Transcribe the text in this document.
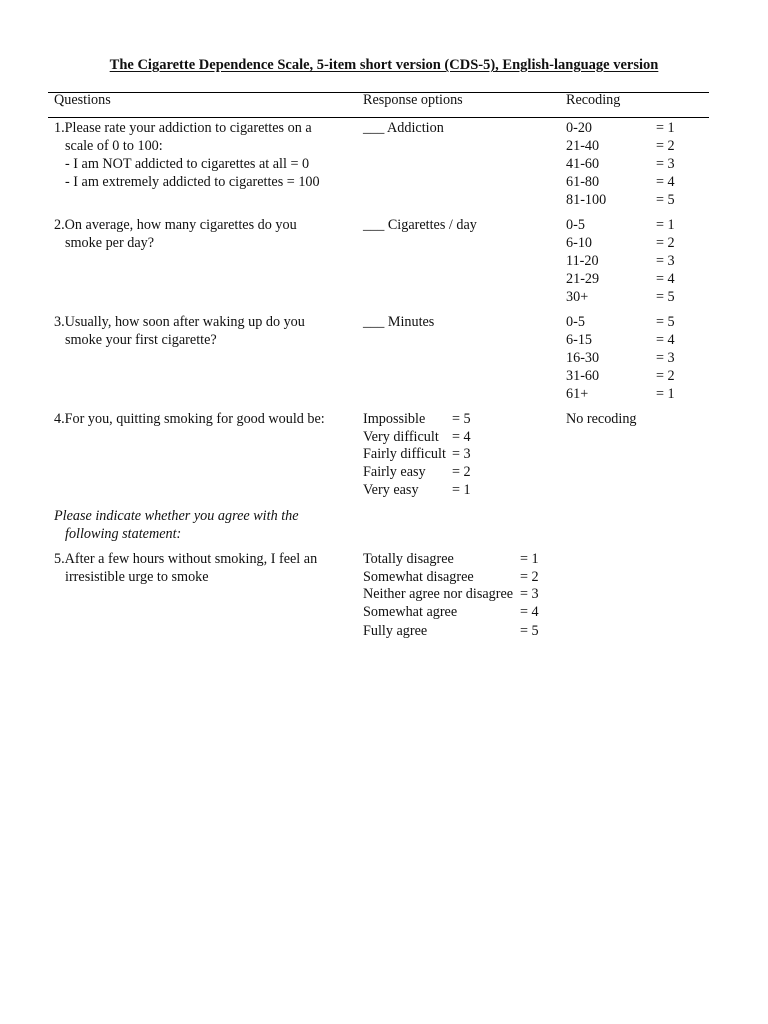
The Cigarette Dependence Scale, 5-item short version (CDS-5), English-language version
Questions	Response options	Recoding
1.Please rate your addiction to cigarettes on a
scale of 0 to 100:
- I am NOT addicted to cigarettes at all = 0
- I am extremely addicted to cigarettes = 100
___ Addiction	0-20	= 1
21-40	= 2
41-60	= 3
61-80	= 4
81-100	= 5
2.On average, how many cigarettes do you
smoke per day?
___ Cigarettes / day	0-5	= 1
6-10	= 2
11-20	= 3
21-29	= 4
30+	= 5
3.Usually, how soon after waking up do you
smoke your first cigarette?
___ Minutes	0-5	= 5
6-15	= 4
16-30	= 3
31-60	= 2
61+	= 1
4.For you, quitting smoking for good would be:	Impossible = 5
Very difficult = 4
Fairly difficult = 3
Fairly easy = 2
Very easy = 1
No recoding
Please indicate whether you agree with the
following statement:
5.After a few hours without smoking, I feel an
irresistible urge to smoke
Totally disagree	= 1
Somewhat disagree	= 2
Neither agree nor disagree = 3
Somewhat agree	= 4
Fully agree	= 5
